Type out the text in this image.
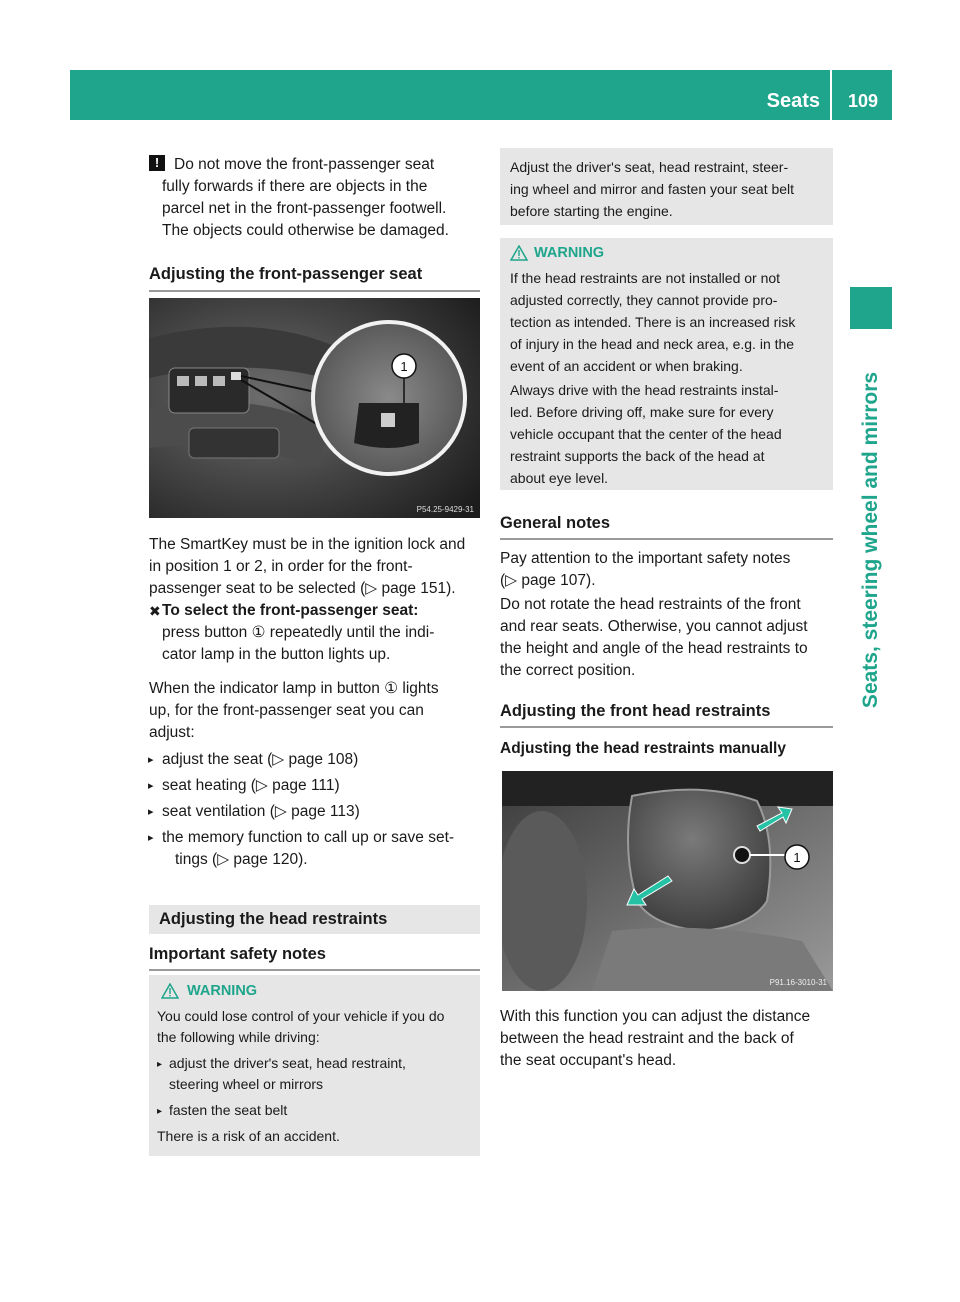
Seats	109
Seats, steering wheel and mirrors
! Do not move the front-passenger seat
fully forwards if there are objects in the
parcel net in the front-passenger footwell.
The objects could otherwise be damaged.
Adjusting the front-passenger seat
1
P54.25-9429-31
The SmartKey must be in the ignition lock and
in position 1 or 2, in order for the front-
passenger seat to be selected (▷ page 151).
✖ To select the front-passenger seat:
press button ① repeatedly until the indi-
cator lamp in the button lights up.
When the indicator lamp in button ① lights
up, for the front-passenger seat you can
adjust:
▸ adjust the seat (▷ page 108)
▸ seat heating (▷ page 111)
▸ seat ventilation (▷ page 113)
▸ the memory function to call up or save set-
tings (▷ page 120).
Adjusting the head restraints
Important safety notes
WARNING
You could lose control of your vehicle if you do
the following while driving:
▸ adjust the driver's seat, head restraint,
steering wheel or mirrors
▸ fasten the seat belt
There is a risk of an accident.
Adjust the driver's seat, head restraint, steer-
ing wheel and mirror and fasten your seat belt
before starting the engine.
WARNING
If the head restraints are not installed or not
adjusted correctly, they cannot provide pro-
tection as intended. There is an increased risk
of injury in the head and neck area, e.g. in the
event of an accident or when braking.
Always drive with the head restraints instal-
led. Before driving off, make sure for every
vehicle occupant that the center of the head
restraint supports the back of the head at
about eye level.
General notes
Pay attention to the important safety notes
(▷ page 107).
Do not rotate the head restraints of the front
and rear seats. Otherwise, you cannot adjust
the height and angle of the head restraints to
the correct position.
Adjusting the front head restraints
Adjusting the head restraints manually
1
P91.16-3010-31
With this function you can adjust the distance
between the head restraint and the back of
the seat occupant's head.
